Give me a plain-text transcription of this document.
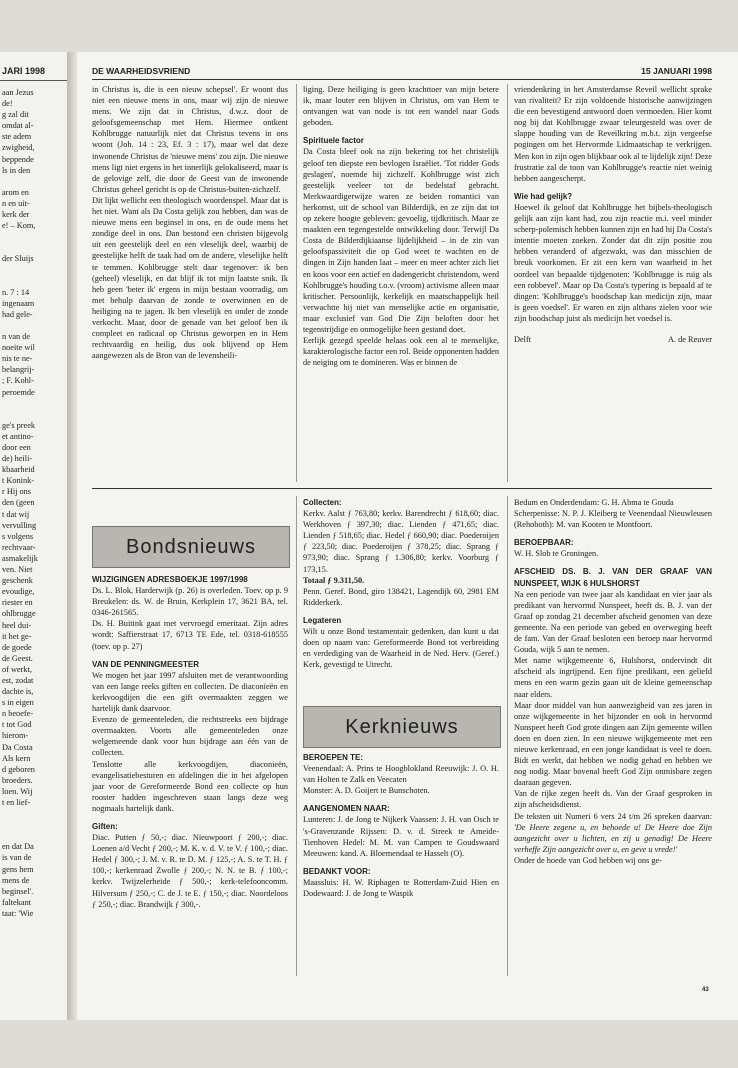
JARI 1998
aan Jezus
de!
g zal dit
omdat al-
ste adem
zwigheid,
beppende
ls in den

arom en
n en uit-
kerk der
e! – Kom,

der Sluijs

n. 7 : 14
ingenaam
had gele-

n van de
noeite wil
nis te ne-
belangrij-
; F. Kohl-
peroemde

ge's preek
et antino-
door een
de) heili-
kbaarheid
t Konink-
r Hij ons
den (geen
t dat wij
vervulling
s volgens
rechtvaar-
asmakelijk
ven. Niet
geschenk
evoudige,
riester en
ohlbrugge
heel dui-
it het ge-
de goede
de Geest.
of werkt,
est, zodat
dachte is,
s in eigen
n beoefe-
t tot God
hierom-
Da Costa
Als kern
d geboren
broeders.
loen. Wij
t en lief-

en dat Da
is van de
gens hem
mens de
beginsel'.
faltekant
taat: 'Wie
DE WAARHEIDSVRIEND	15 JANUARI 1998

in Christus is, die is een nieuw schepsel'. Er woont dus niet een nieuwe mens in ons, maar wij zijn de nieuwe mens. We zijn dat in Christus, d.w.z. door de geloofsgemeenschap met Hem. Hiermee ontkent Kohlbrugge natuurlijk niet dat Christus tevens in ons woont (Joh. 14 : 23, Ef. 3 : 17), maar wel dat deze inwonende Christus de 'nieuwe mens' zou zijn. Die nieuwe mens ligt niet ergens in het innerlijk gelokaliseerd, maar is de gelovige zelf, die door de Geest van de inwonende Christus geheel gericht is op de Christus-buiten-zichzelf.

Dit lijkt wellicht een theologisch woordenspel. Maar dat is het niet. Want als Da Costa gelijk zou hebben, dan was de nieuwe mens een beginsel in ons, en de oude mens het zondige deel in ons. Dan bestond een christen bijgevolg uit een geestelijk deel en een vleselijk deel, waarbij de geestelijke helft de taak had om de andere, vleselijke helft te temmen. Kohlbrugge stelt daar tegenover: ik ben (geheel) vleselijk, en dat blijf ik tot mijn laatste snik. Ik heb geen 'beter ik' ergens in mijn bestaan voorradig, om met behulp daarvan de zonde te overwinnen en de heiliging na te jagen. Ik ben vleselijk en onder de zonde verkocht. Maar, door de genade van het geloof ben ik compleet en radicaal op Christus geworpen en in Hem rechtvaardig en heilig, dus ook blijvend op Hem aangewezen als de Bron van de levensheili-

liging. Deze heiliging is geen krachttoer van mijn betere ik, maar louter een blijven in Christus, om van Hem te ontvangen wat van node is tot een wandel naar Gods geboden.

Spirituele factor

Da Costa bleef ook na zijn bekering tot het christelijk geloof ten diepste een bevlogen Israëliet. 'Tot ridder Gods geslagen', noemde hij zichzelf. Kohlbrugge wist zich geestelijk veeleer tot de bedelstaf gebracht. Merkwaardigerwijze waren ze beiden romantici van herkomst, uit de school van Bilderdijk, en ze zijn dat tot op zekere hoogte gebleven: gevoelig, tijdkritisch. Maar ze maakten een tegengestelde ontwikkeling door. Terwijl Da Costa de Bilderdijkiaanse lijdelijkheid – in de zin van geloofspassiviteit die op God weet te wachten en de dingen in Zijn handen laat – meer en meer achter zich liet en koos voor een actief en dadengericht christendom, werd Kohlbrugge's houding t.o.v. (vroom) activisme alleen maar kritischer. Persoonlijk, kerkelijk en maatschappelijk heil verwachtte hij niet van menselijke actie en organisatie, maar exclusief van God Die Zijn beloften door het tegenstrijdige en onmogelijke heen gestand doet.

Eerlijk gezegd speelde helaas ook een al te menselijke, karakterologische factor een rol. Beide opponenten hadden de neiging om te domineren. Was er binnen de

vriendenkring in het Amsterdamse Reveil wellicht sprake van rivaliteit? Er zijn voldoende historische aanwijzingen die een bevestigend antwoord doen vermoeden. Hier komt nog bij dat Kohlbrugge zwaar teleurgesteld was over de slappe houding van de Reveilkring m.b.t. zijn vergeefse pogingen om het Hervormde Lidmaatschap te verkrijgen. Men kon in zijn ogen blijkbaar ook al te lijdelijk zijn! Deze frustratie zal de toon van Kohlbrugge's reactie niet weinig hebben aangescherpt.

Wie had gelijk?

Hoewel ik geloof dat Kohlbrugge het bijbels-theologisch gelijk aan zijn kant had, zou zijn reactie m.i. veel minder scherp-polemisch hebben kunnen zijn en had hij Da Costa's intentie moeten zoeken. Zonder dat dit zijn positie zou hebben veranderd of afgezwakt, was dan misschien de breuk voorkomen. Er zit een kern van waarheid in het oordeel van bepaalde tijdgenoten: 'Kohlbrugge is ruig als een robbevel'. Maar op Da Costa's typering is bepaald af te dingen: 'Kohlbrugge's boodschap kan medicijn zijn, maar is geen voedsel'. Er waren en zijn althans zielen voor wie zijn boodschap juist als medicijn het voedsel is.

Delft	A. de Reuver
Bondsnieuws

WIJZIGINGEN ADRESBOEKJE 1997/1998

Ds. L. Blok, Harderwijk (p. 26) is overleden. Toev. op p. 9 Breukelen: ds. W. de Bruin, Kerkplein 17, 3621 BA, tel. 0346-261565.

Ds. H. Buitink gaat met vervroegd emeritaat. Zijn adres wordt: Saffierstraat 17, 6713 TE Ede, tel. 0318-618555 (toev. op p. 27)

VAN DE PENNINGMEESTER

We mogen het jaar 1997 afsluiten met de verantwoording van een lange reeks giften en collecten. De diaconieën en kerkvoogdijen die een gift overmaakten zeggen we hartelijk dank daarvoor.

Evenzo de gemeenteleden, die rechtstreeks een bijdrage overmaakten. Voorts alle gemeenteleden onze welgemeende dank voor hun bijdrage aan één van de collecten.

Tenslotte alle kerkvoogdijen, diaconieën, evangelisatiebesturen en afdelingen die in het afgelopen jaar voor de Gereformeerde Bond een collecte op hun rooster hadden ingeschreven staan langs deze weg nogmaals hartelijk dank.

Giften:

Diac. Putten ƒ 50,-; diac. Nieuwpoort ƒ 200,-; diac. Loenen a/d Vecht ƒ 200,-; M. K. v. d. V. te V. ƒ 100,-; diac. Hedel ƒ 300,-; J. M. v. R. te D. M. ƒ 125,-; A. S. te T. H. ƒ 100,-; kerkenraad Zwolle ƒ 200,-; N. N. te B. ƒ 100,-; kerkv. Twijzelerheide ƒ 500,-; kerk-telefooncomm. Hilversum ƒ 250,-; C. de J. te E. ƒ 150,-; diac. Noordeloos ƒ 250,-; diac. Brandwijk ƒ 300,-.

Collecten:

Kerkv. Aalst ƒ 763,80; kerkv. Barendrecht ƒ 618,60; diac. Werkhoven ƒ 397,30; diac. Lienden ƒ 471,65; diac. Lienden ƒ 518,65; diac. Hedel ƒ 660,90; diac. Poederoijen ƒ 223,50; diac. Poederoijen ƒ 378,25; diac. Sprang ƒ 973,90; diac. Sprang ƒ 1.306,80; kerkv. Voorburg ƒ 173,15.

Totaal ƒ 9.311,50.

Penn. Geref. Bond, giro 138421, Lagendijk 60, 2981 EM Ridderkerk.

Legateren

Wilt u onze Bond testamentair gedenken, dan kunt u dat doen op naam van: Gereformeerde Bond tot verbreiding en verdediging van de Waarheid in de Ned. Herv. (Geref.) Kerk, gevestigd te Utrecht.

Kerknieuws

BEROEPEN TE:

Veenendaal: A. Prins te Hoogblokland Reeuwijk: J. O. H. van Holten te Zalk en Veecaten

Monster: A. D. Goijert te Bunschoten.

AANGENOMEN NAAR:

Lunteren: J. de Jong te Nijkerk Vaassen: J. H. van Osch te 's-Gravenzande Rijssen: D. v. d. Streek te Ameide-Tienhoven Hedel: M. M. van Campen te Goudswaard Meeuwen: kand. A. Bloemendaal te Hasselt (O).

BEDANKT VOOR:

Maassluis: H. W. Riphagen te Rotterdam-Zuid Hien en Dodewaard: J. de Jong te Waspik

Bedum en Onderdendam: G. H. Abma te Gouda

Scherpenisse: N. P. J. Kleiberg te Veenendaal Nieuwleusen (Rehoboth): M. van Kooten te Montfoort.

BEROEPBAAR:

W. H. Slob te Groningen.

AFSCHEID DS. B. J. VAN DER GRAAF VAN NUNSPEET, WIJK 6 HULSHORST

Na een periode van twee jaar als kandidaat en vier jaar als predikant van hervormd Nunspeet, heeft ds. B. J. van der Graaf op zondag 21 december afscheid genomen van deze gemeente. Na een periode van gebed en overweging heeft de fam. Van der Graaf besloten een beroep naar hervormd Gouda, wijk 5 aan te nemen.

Met name wijkgemeente 6, Hulshorst, ondervindt dit afscheid als ingrijpend. Een fijne predikant, een geliefd mens en een warm gezin gaan uit de kleine gemeenschap naar elders.

Maar door middel van hun aanwezigheid van zes jaren in onze wijkgemeente in het bijzonder en ook in hervormd Nunspeet heeft God grote dingen aan Zijn gemeente willen doen en doen zien. In een nieuwe wijkgemeente met een nieuwe kerkenraad, en een jonge kandidaat is veel te doen. Bidt en werkt, dat hebben we nodig gehad en hebben we nog nodig. Maar bovenal heeft God Zijn onmisbare zegen daaraan gegeven.

Van de rijke zegen heeft ds. Van der Graaf gesproken in zijn afscheidsdienst.

De teksten uit Numeri 6 vers 24 t/m 26 spreken daarvan: 'De Heere zegene u, en behoede u! De Heere doe Zijn aangezicht over u lichten, en zij u genadig! De Heere verheffe Zijn aangezicht over u, en geve u vrede!'

Onder de hoede van God hebben wij ons ge-

43
